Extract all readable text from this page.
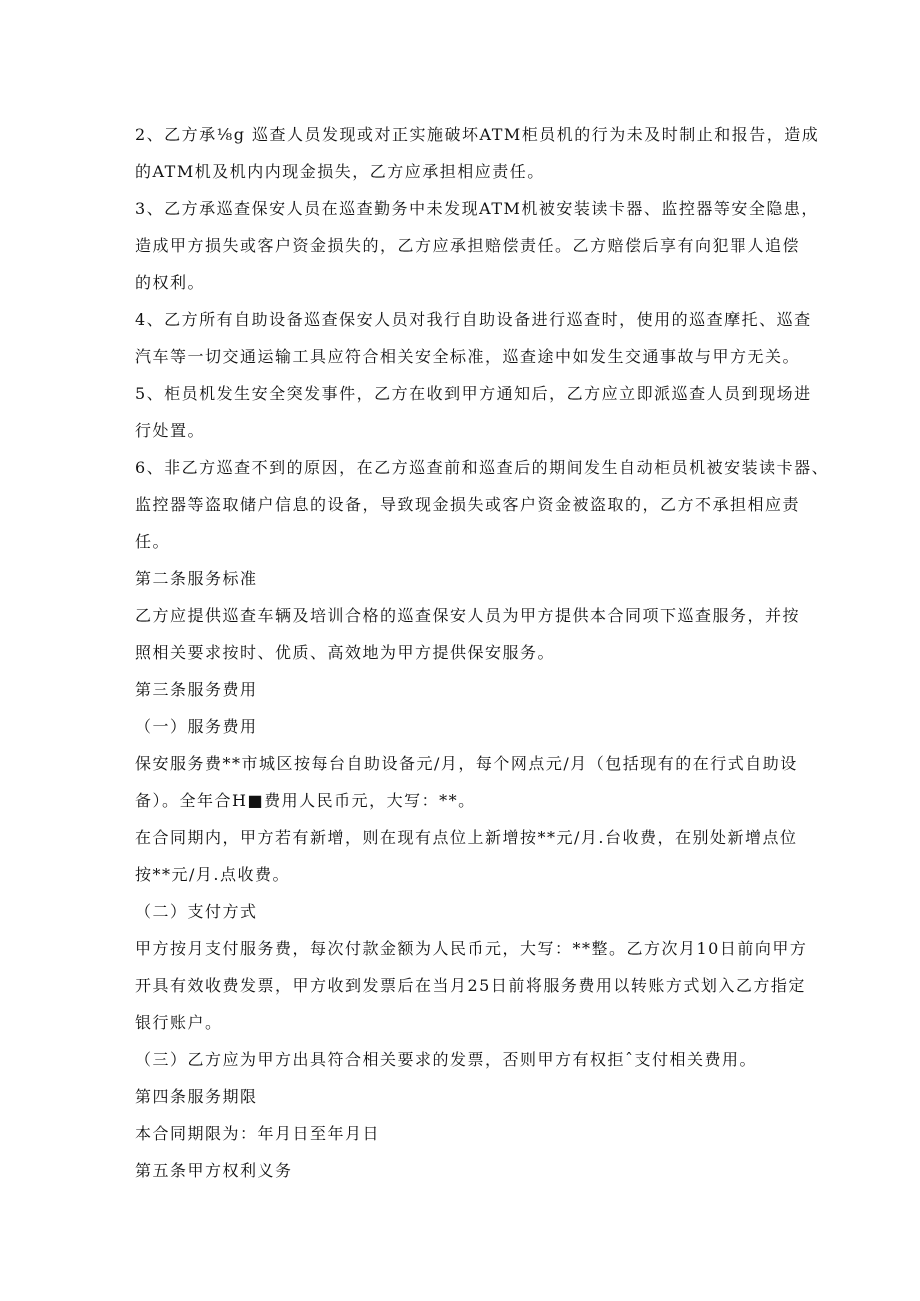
2、乙方承⅛g 巡查人员发现或对正实施破坏ATM柜员机的行为未及时制止和报告，造成
的ATM机及机内内现金损失，乙方应承担相应责任。

3、乙方承巡查保安人员在巡查勤务中未发现ATM机被安装读卡器、监控器等安全隐患，
造成甲方损失或客户资金损失的，乙方应承担赔偿责任。乙方赔偿后享有向犯罪人追偿
的权利。

4、乙方所有自助设备巡查保安人员对我行自助设备进行巡查时，使用的巡查摩托、巡查
汽车等一切交通运输工具应符合相关安全标准，巡查途中如发生交通事故与甲方无关。

5、柜员机发生安全突发事件，乙方在收到甲方通知后，乙方应立即派巡查人员到现场进
行处置。

6、非乙方巡查不到的原因，在乙方巡查前和巡查后的期间发生自动柜员机被安装读卡器、
监控器等盗取储户信息的设备，导致现金损失或客户资金被盗取的，乙方不承担相应责
任。

第二条服务标准

乙方应提供巡查车辆及培训合格的巡查保安人员为甲方提供本合同项下巡查服务，并按
照相关要求按时、优质、高效地为甲方提供保安服务。

第三条服务费用

（一）服务费用

保安服务费**市城区按每台自助设备元/月，每个网点元/月（包括现有的在行式自助设
备）。全年合H■费用人民币元，大写：**。

在合同期内，甲方若有新增，则在现有点位上新增按**元/月.台收费，在别处新增点位
按**元/月.点收费。

（二）支付方式

甲方按月支付服务费，每次付款金额为人民币元，大写：**整。乙方次月10日前向甲方
开具有效收费发票，甲方收到发票后在当月25日前将服务费用以转账方式划入乙方指定
银行账户。

（三）乙方应为甲方出具符合相关要求的发票，否则甲方有权拒ˆ支付相关费用。

第四条服务期限

本合同期限为：年月日至年月日

第五条甲方权利义务
